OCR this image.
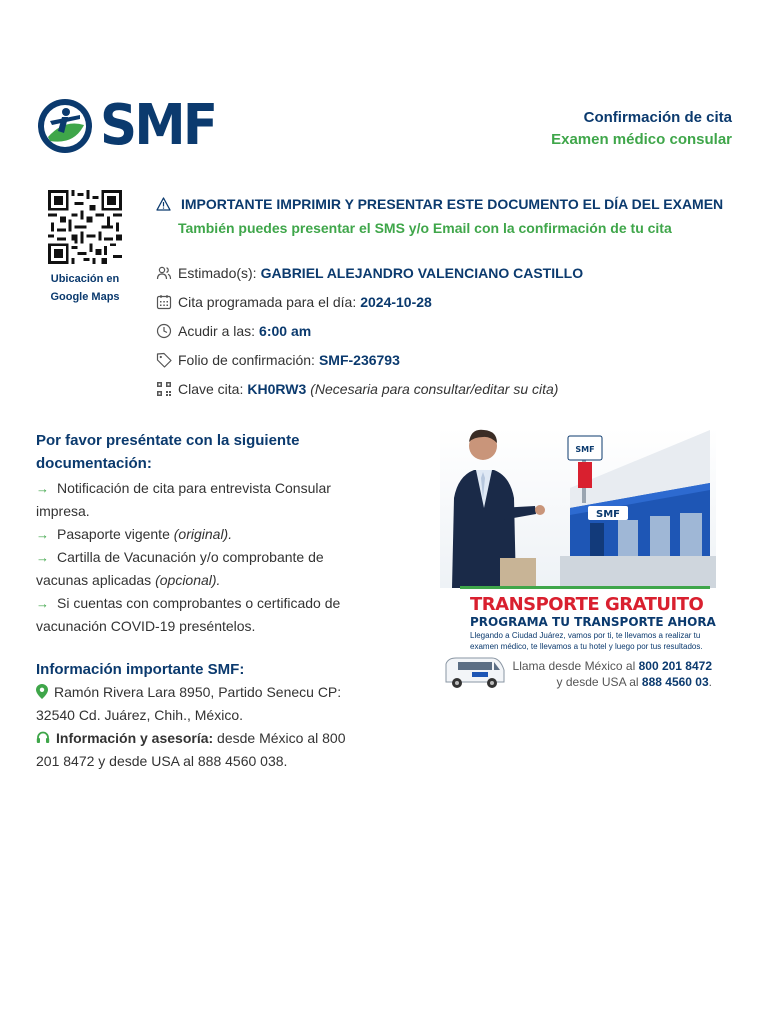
SMF	Confirmación de cita
Examen médico consular
Ubicación en
Google Maps
IMPORTANTE IMPRIMIR Y PRESENTAR ESTE DOCUMENTO EL DÍA DEL EXAMEN
También puedes presentar el SMS y/o Email con la confirmación de tu cita
Estimado(s): GABRIEL ALEJANDRO VALENCIANO CASTILLO
Cita programada para el día: 2024-10-28
Acudir a las: 6:00 am
Folio de confirmación: SMF-236793
Clave cita: KH0RW3 (Necesaria para consultar/editar su cita)
Por favor preséntate con la siguiente
documentación:
→ Notificación de cita para entrevista Consular impresa.
→ Pasaporte vigente (original).
→ Cartilla de Vacunación y/o comprobante de vacunas aplicadas (opcional).
→ Si cuentas con comprobantes o certificado de vacunación COVID-19 preséntelos.
Información importante SMF:

Ramón Rivera Lara 8950, Partido Senecu CP: 32540 Cd. Juárez, Chih., México.

Información y asesoría: desde México al 800 201 8472 y desde USA al 888 4560 038.

SMF
SMF
TRANSPORTE GRATUITO
PROGRAMA TU TRANSPORTE AHORA
Llegando a Ciudad Juárez, vamos por ti, te llevamos a realizar tu examen médico, te llevamos a tu hotel y luego por tus resultados.
Llama desde México al 800 201 8472
y desde USA al 888 4560 03.
